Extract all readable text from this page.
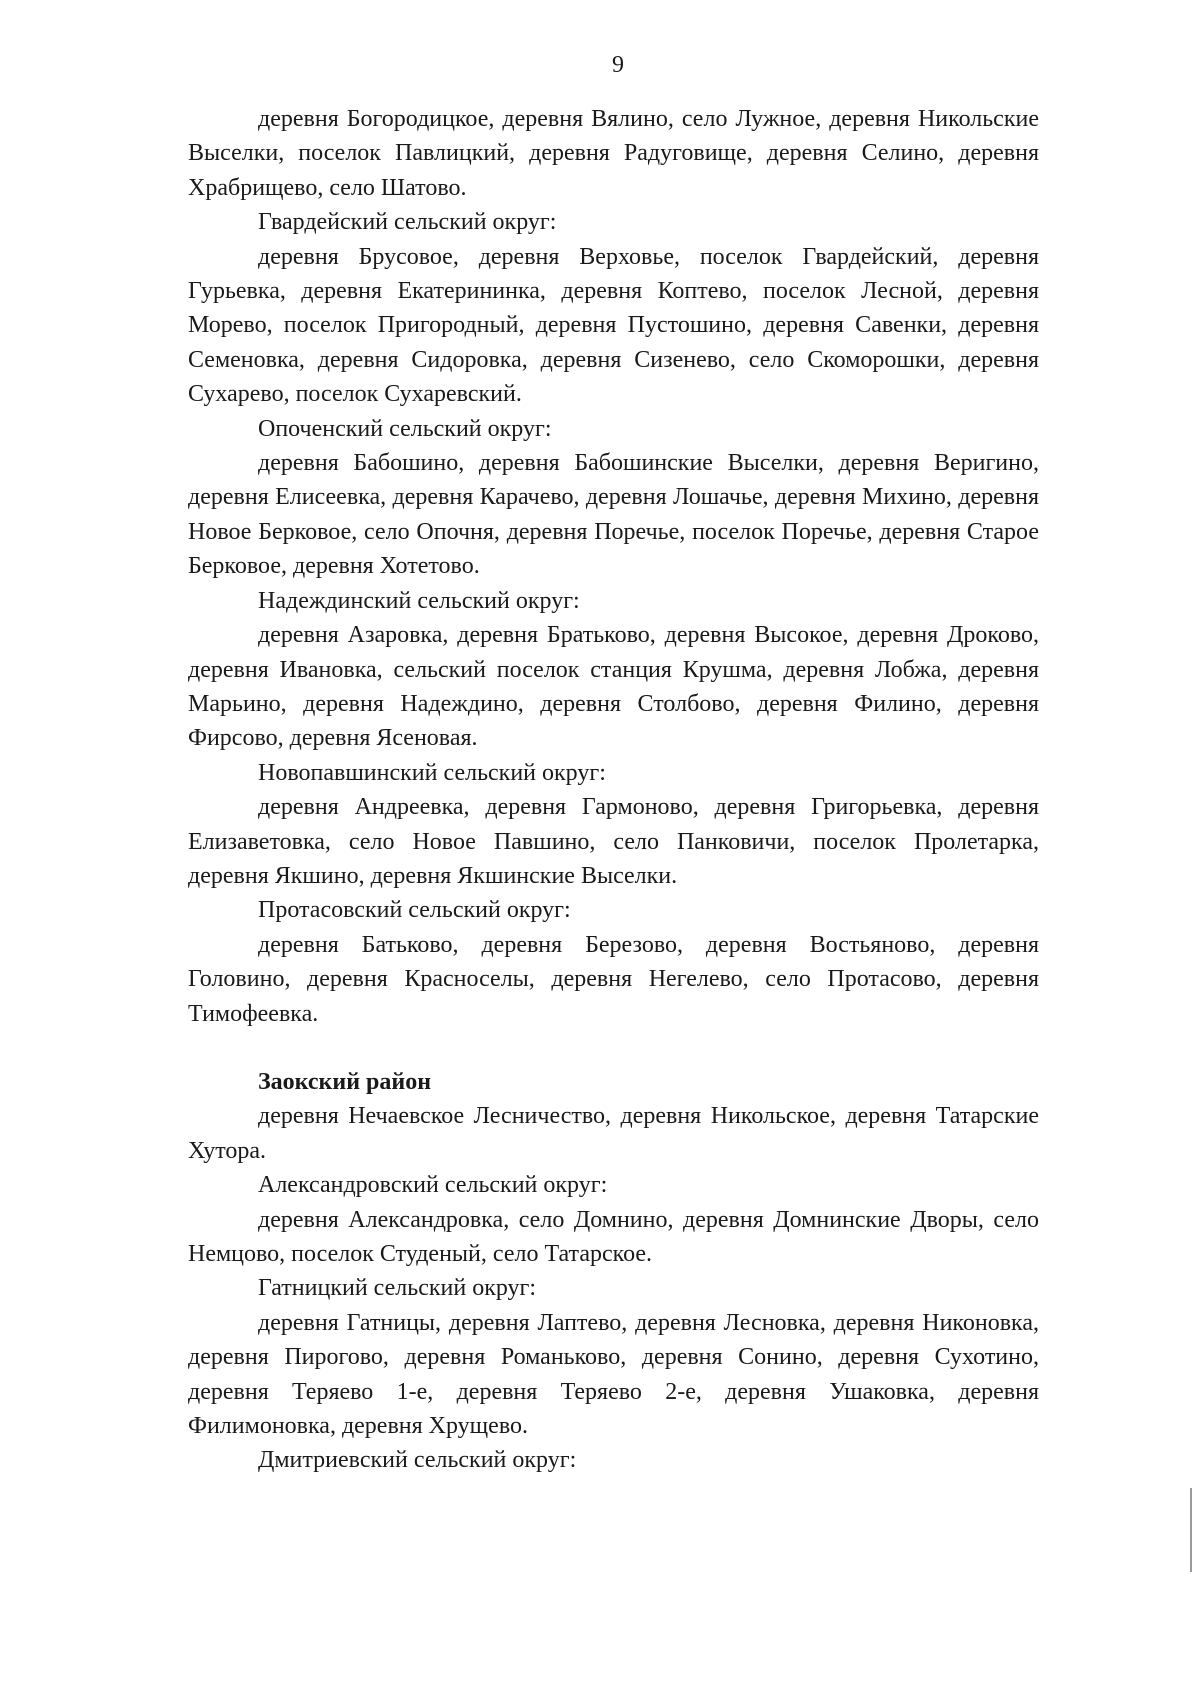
9

деревня Богородицкое, деревня Вялино, село Лужное, деревня Никольские Выселки, поселок Павлицкий, деревня Радуговище, деревня Селино, деревня Храбрищево, село Шатово.

Гвардейский сельский округ:

деревня Брусовое, деревня Верховье, поселок Гвардейский, деревня Гурьевка, деревня Екатерининка, деревня Коптево, поселок Лесной, деревня Морево, поселок Пригородный, деревня Пустошино, деревня Савенки, деревня Семеновка, деревня Сидоровка, деревня Сизенево, село Скоморошки, деревня Сухарево, поселок Сухаревский.

Опоченский сельский округ:

деревня Бабошино, деревня Бабошинские Выселки, деревня Веригино, деревня Елисеевка, деревня Карачево, деревня Лошачье, деревня Михино, деревня Новое Берковое, село Опочня, деревня Поречье, поселок Поречье, деревня Старое Берковое, деревня Хотетово.

Надеждинский сельский округ:

деревня Азаровка, деревня Братьково, деревня Высокое, деревня Дроково, деревня Ивановка, сельский поселок станция Крушма, деревня Лобжа, деревня Марьино, деревня Надеждино, деревня Столбово, деревня Филино, деревня Фирсово, деревня Ясеновая.

Новопавшинский сельский округ:

деревня Андреевка, деревня Гармоново, деревня Григорьевка, деревня Елизаветовка, село Новое Павшино, село Панковичи, поселок Пролетарка, деревня Якшино, деревня Якшинские Выселки.

Протасовский сельский округ:

деревня Батьково, деревня Березово, деревня Востьяново, деревня Головино, деревня Красноселы, деревня Негелево, село Протасово, деревня Тимофеевка.

Заокский район

деревня Нечаевское Лесничество, деревня Никольское, деревня Татарские Хутора.

Александровский сельский округ:

деревня Александровка, село Домнино, деревня Домнинские Дворы, село Немцово, поселок Студеный, село Татарское.

Гатницкий сельский округ:

деревня Гатницы, деревня Лаптево, деревня Лесновка, деревня Никоновка, деревня Пирогово, деревня Романьково, деревня Сонино, деревня Сухотино, деревня Теряево 1-е, деревня Теряево 2-е, деревня Ушаковка, деревня Филимоновка, деревня Хрущево.

Дмитриевский сельский округ:
